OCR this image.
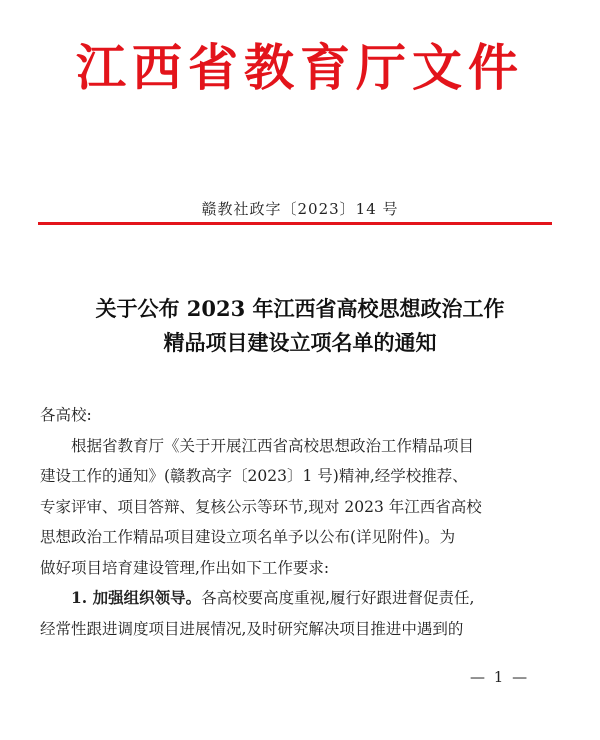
江西省教育厅文件
赣教社政字〔2023〕14 号
关于公布 2023 年江西省高校思想政治工作
精品项目建设立项名单的通知
各高校:
根据省教育厅《关于开展江西省高校思想政治工作精品项目
建设工作的通知》(赣教高字〔2023〕1 号)精神,经学校推荐、
专家评审、项目答辩、复核公示等环节,现对 2023 年江西省高校
思想政治工作精品项目建设立项名单予以公布(详见附件)。为
做好项目培育建设管理,作出如下工作要求:
1. 加强组织领导。各高校要高度重视,履行好跟进督促责任,
经常性跟进调度项目进展情况,及时研究解决项目推进中遇到的
— 1 —
